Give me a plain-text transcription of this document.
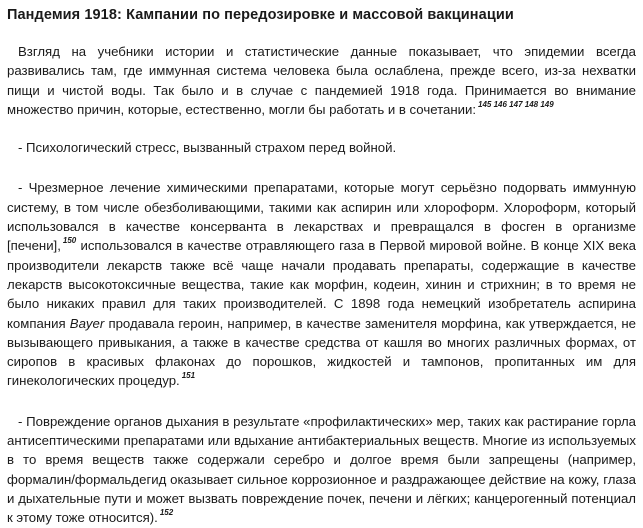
Пандемия 1918: Кампании по передозировке и массовой вакцинации

Взгляд на учебники истории и статистические данные показывает, что эпидемии всегда развивались там, где иммунная система человека была ослаблена, прежде всего, из-за нехватки пищи и чистой воды. Так было и в случае с пандемией 1918 года. Принимается во внимание множество причин, которые, естественно, могли бы работать и в сочетании: $^{145 146 147 148 149}$

- Психологический стресс, вызванный страхом перед войной.

- Чрезмерное лечение химическими препаратами, которые могут серьёзно подорвать иммунную систему, в том числе обезболивающими, такими как аспирин или хлороформ. Хлороформ, который использовался в качестве консерванта в лекарствах и превращался в фосген в организме [печени], $^{150}$ использовался в качестве отравляющего газа в Первой мировой войне. В конце XIX века производители лекарств также всё чаще начали продавать препараты, содержащие в качестве лекарств высокотоксичные вещества, такие как морфин, кодеин, хинин и стрихнин; в то время не было никаких правил для таких производителей. С 1898 года немецкий изобретатель аспирина компания Bayer продавала героин, например, в качестве заменителя морфина, как утверждается, не вызывающего привыкания, а также в качестве средства от кашля во многих различных формах, от сиропов в красивых флаконах до порошков, жидкостей и тампонов, пропитанных им для гинекологических процедур. $^{151}$

- Повреждение органов дыхания в результате «профилактических» мер, таких как растирание горла антисептическими препаратами или вдыхание антибактериальных веществ. Многие из используемых в то время веществ также содержали серебро и долгое время были запрещены (например, формалин/формальдегид оказывает сильное коррозионное и раздражающее действие на кожу, глаза и дыхательные пути и может вызвать повреждение почек, печени и лёгких; канцерогенный потенциал к этому тоже относится). $^{152}$
